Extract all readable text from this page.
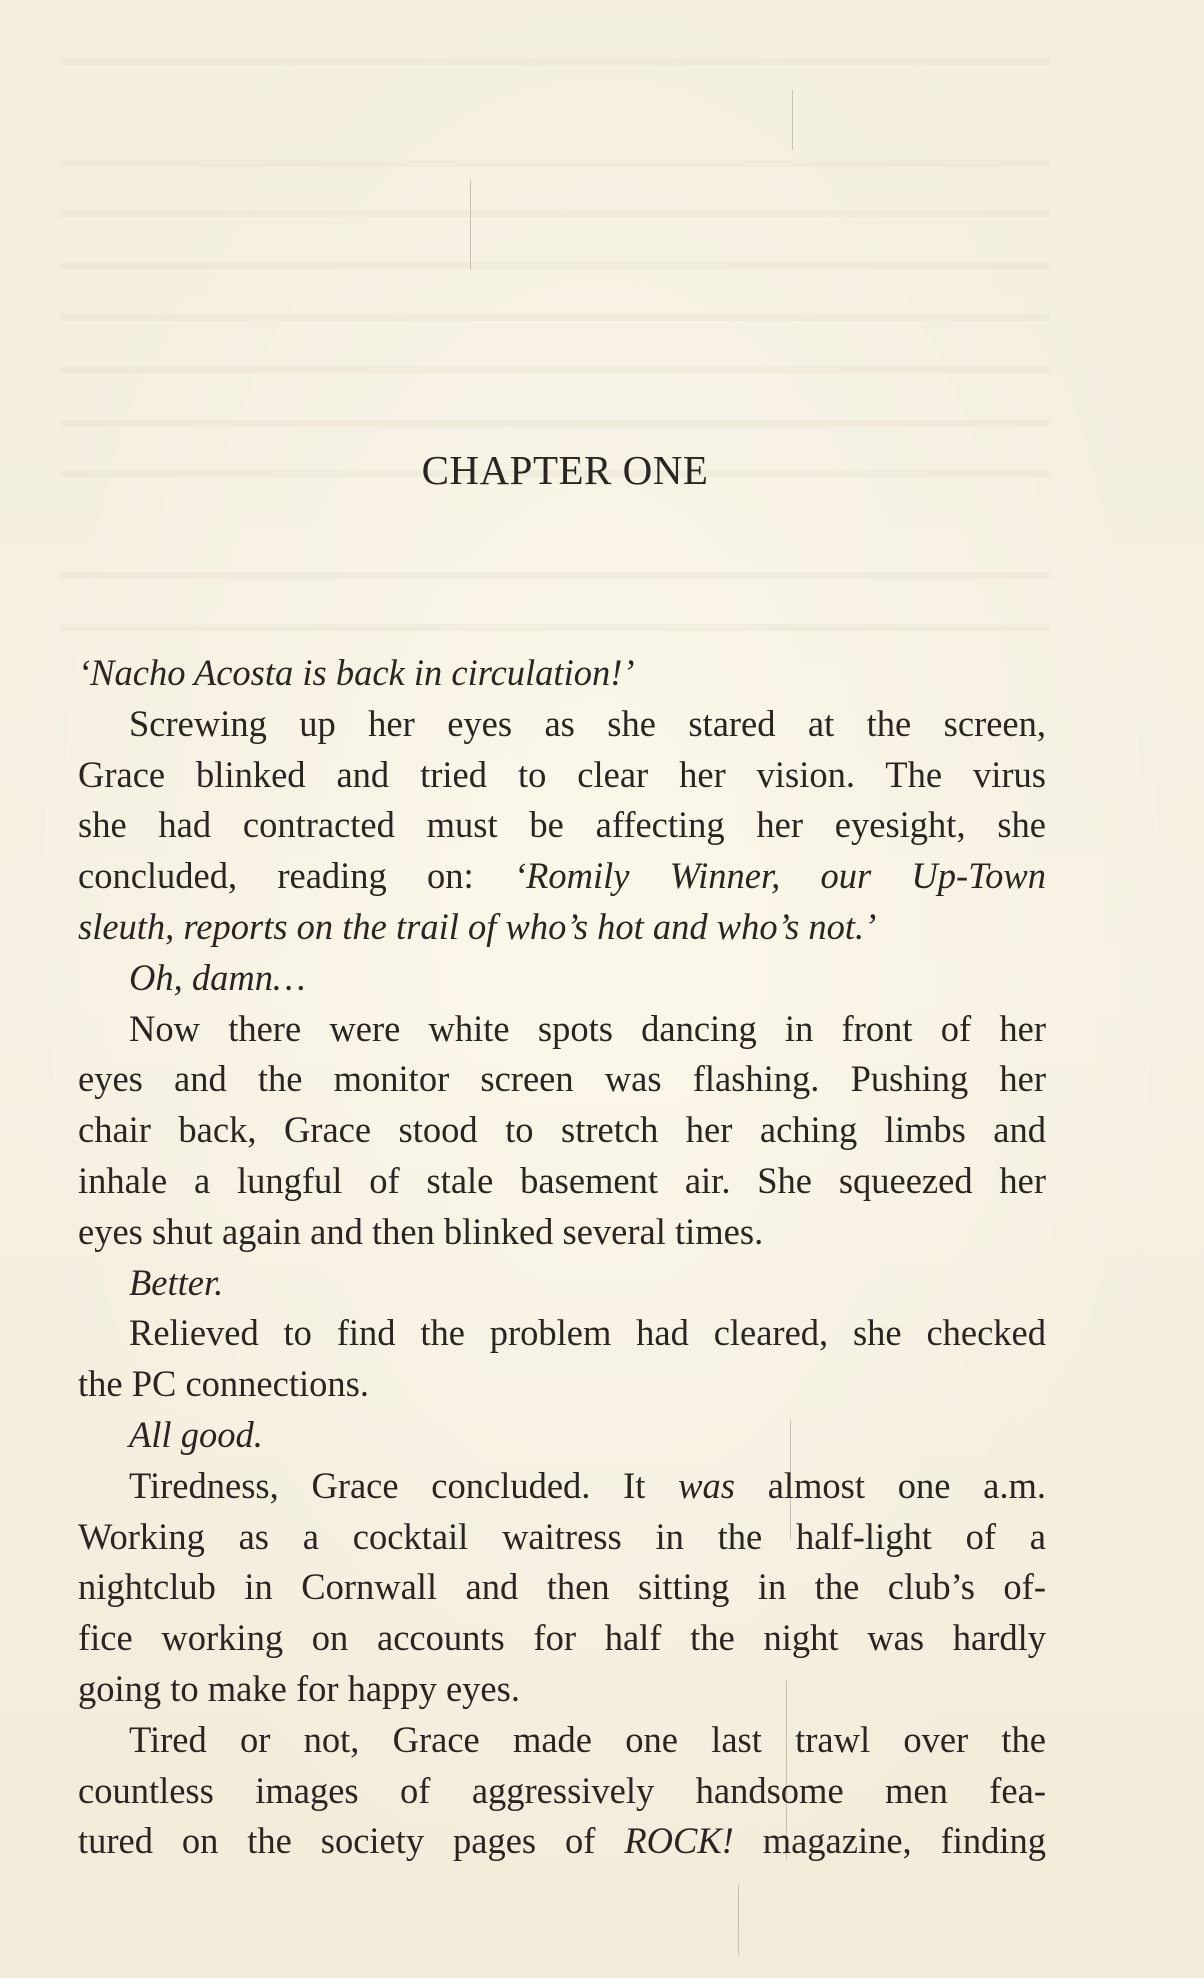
CHAPTER ONE
‘Nacho Acosta is back in circulation!’
Screwing up her eyes as she stared at the screen,
Grace blinked and tried to clear her vision. The virus
she had contracted must be affecting her eyesight, she
concluded, reading on: ‘Romily Winner, our Up-Town
sleuth, reports on the trail of who’s hot and who’s not.’
Oh, damn…
Now there were white spots dancing in front of her
eyes and the monitor screen was flashing. Pushing her
chair back, Grace stood to stretch her aching limbs and
inhale a lungful of stale basement air. She squeezed her
eyes shut again and then blinked several times.
Better.
Relieved to find the problem had cleared, she checked
the PC connections.
All good.
Tiredness, Grace concluded. It was almost one a.m.
Working as a cocktail waitress in the half-light of a
nightclub in Cornwall and then sitting in the club’s of-
fice working on accounts for half the night was hardly
going to make for happy eyes.
Tired or not, Grace made one last trawl over the
countless images of aggressively handsome men fea-
tured on the society pages of ROCK! magazine, finding
